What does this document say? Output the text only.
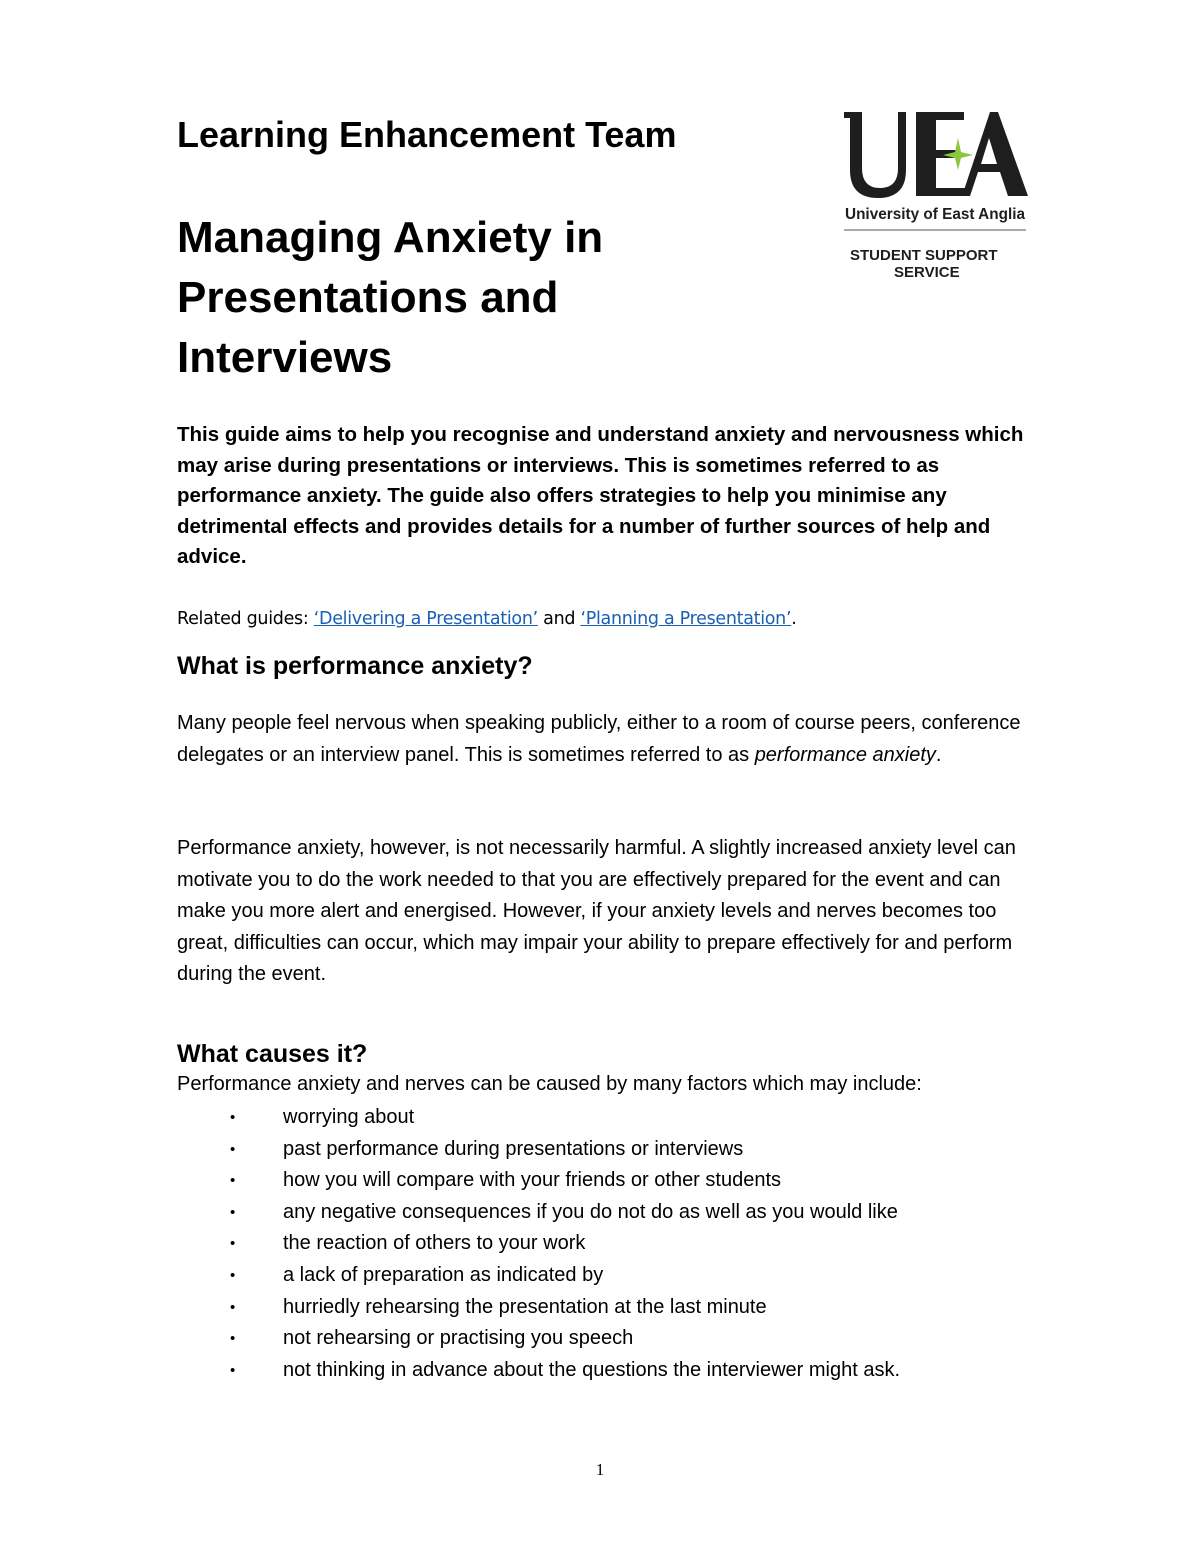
Learning Enhancement Team
Managing Anxiety in
Presentations and
Interviews
University of East Anglia
STUDENT SUPPORT
SERVICE

This guide aims to help you recognise and understand anxiety and nervousness which may arise during presentations or interviews. This is sometimes referred to as performance anxiety. The guide also offers strategies to help you minimise any detrimental effects and provides details for a number of further sources of help and advice.

Related guides: ‘Delivering a Presentation’ and ‘Planning a Presentation’.
What is performance anxiety?

Many people feel nervous when speaking publicly, either to a room of course peers, conference delegates or an interview panel. This is sometimes referred to as performance anxiety.

Performance anxiety, however, is not necessarily harmful. A slightly increased anxiety level can motivate you to do the work needed to that you are effectively prepared for the event and can make you more alert and energised. However, if your anxiety levels and nerves becomes too great, difficulties can occur, which may impair your ability to prepare effectively for and perform during the event.

What causes it?

Performance anxiety and nerves can be caused by many factors which may include:

• worrying about
• past performance during presentations or interviews
• how you will compare with your friends or other students
• any negative consequences if you do not do as well as you would like
• the reaction of others to your work
• a lack of preparation as indicated by
• hurriedly rehearsing the presentation at the last minute
• not rehearsing or practising you speech
• not thinking in advance about the questions the interviewer might ask.
1
